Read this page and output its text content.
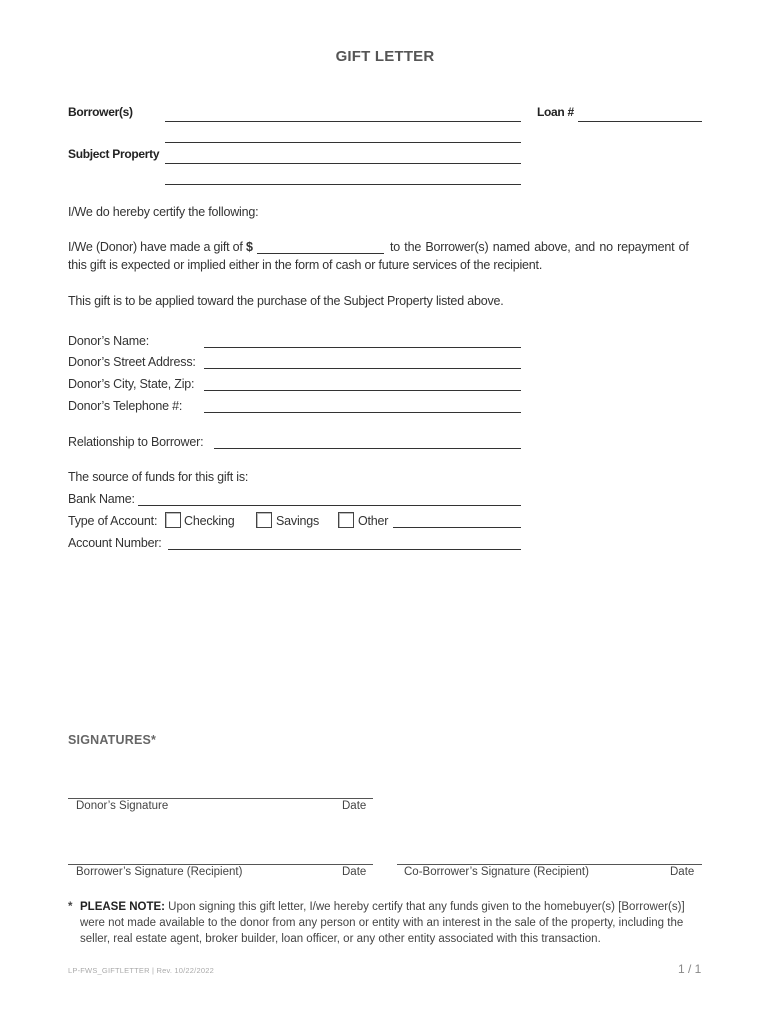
GIFT LETTER
Borrower(s)	Loan #
Subject Property
I/We do hereby certify the following:
I/We (Donor) have made a gift of $	to the Borrower(s) named above, and no repayment of
this gift is expected or implied either in the form of cash or future services of the recipient.
This gift is to be applied toward the purchase of the Subject Property listed above.
Donor’s Name:
Donor’s Street Address:
Donor’s City, State, Zip:
Donor’s Telephone #:
Relationship to Borrower:
The source of funds for this gift is:
Bank Name:
Type of Account: Checking	Savings	Other
Account Number:
SIGNATURES*
Donor’s Signature	Date
Borrower’s Signature (Recipient)	Date	Co-Borrower’s Signature (Recipient)	Date
* PLEASE NOTE: Upon signing this gift letter, I/we hereby certify that any funds given to the homebuyer(s) [Borrower(s)] were not made available to the donor from any person or entity with an interest in the sale of the property, including the seller, real estate agent, broker builder, loan officer, or any other entity associated with this transaction.
LP-FWS_GIFTLETTER | Rev. 10/22/2022	1 / 1
